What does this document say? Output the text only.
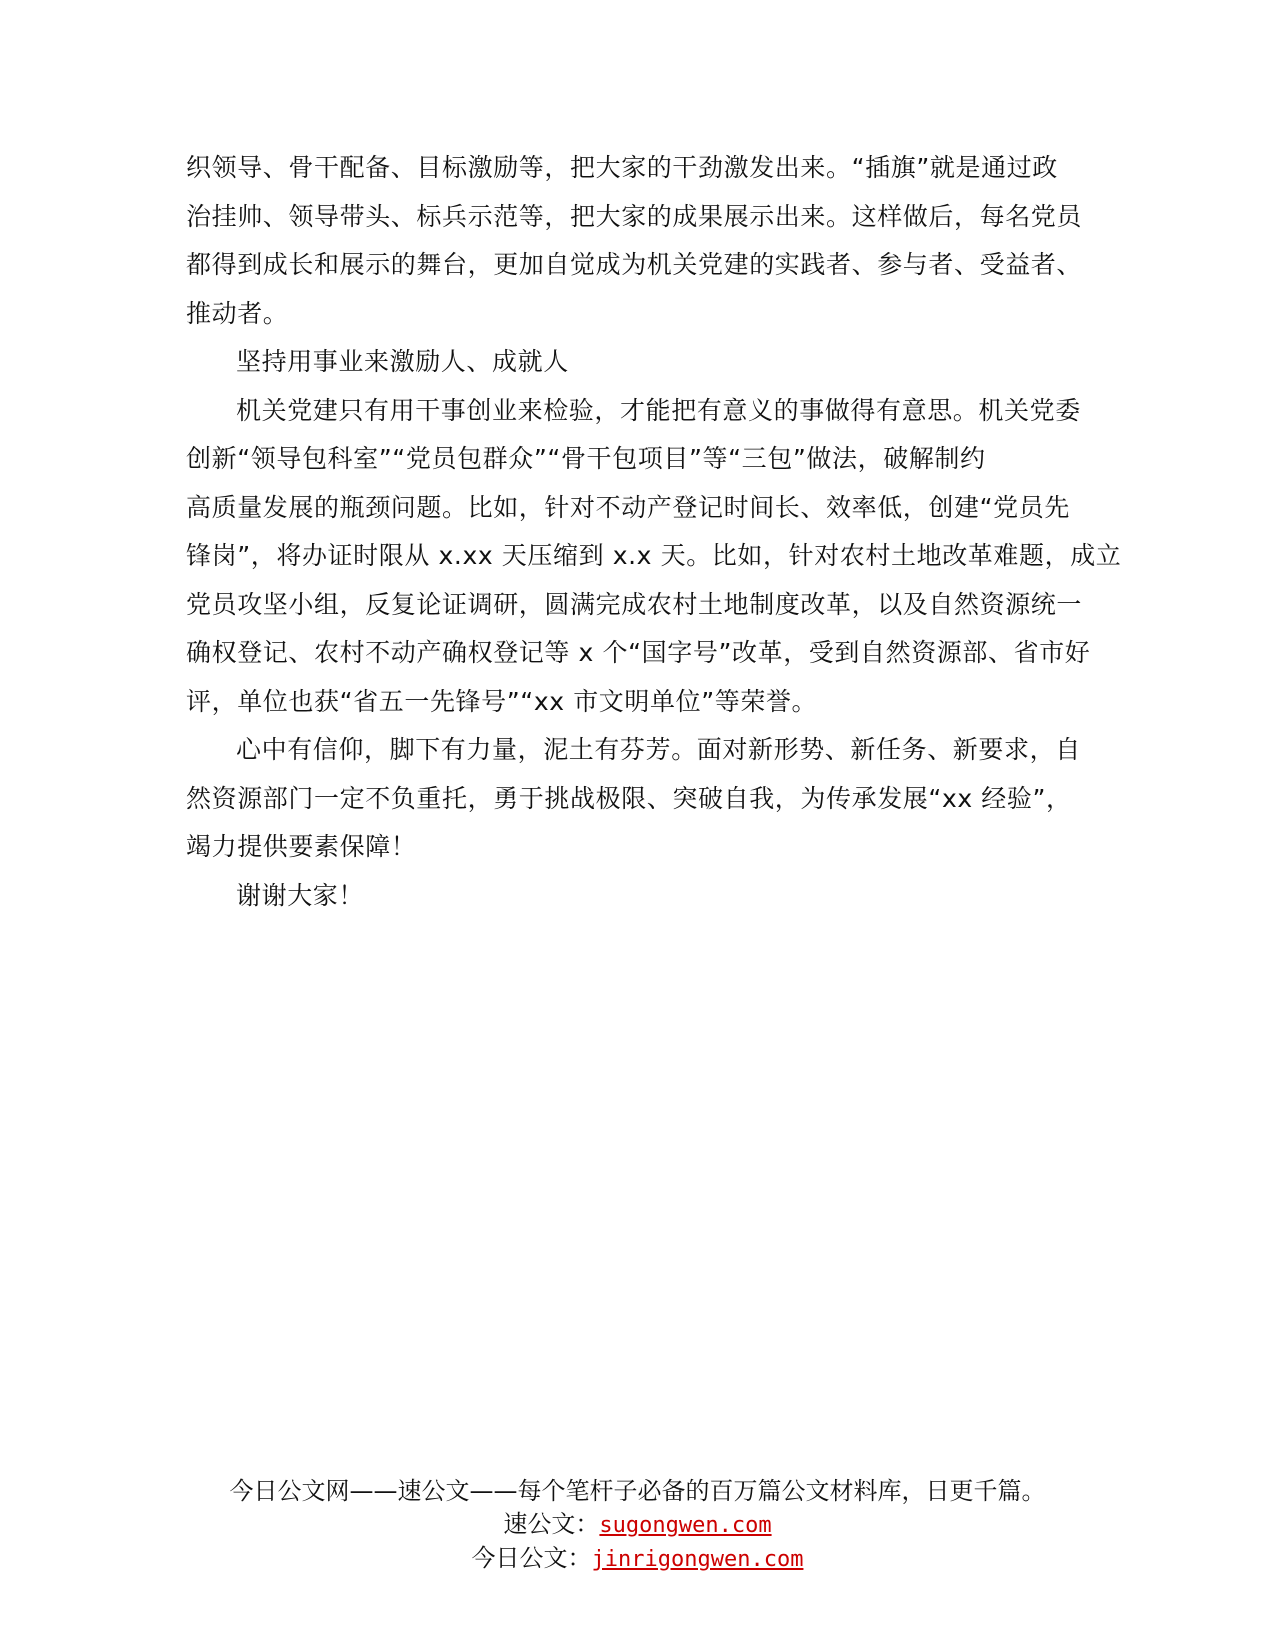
织领导、骨干配备、目标激励等，把大家的干劲激发出来。“插旗”就是通过政
治挂帅、领导带头、标兵示范等，把大家的成果展示出来。这样做后，每名党员
都得到成长和展示的舞台，更加自觉成为机关党建的实践者、参与者、受益者、
推动者。
坚持用事业来激励人、成就人
机关党建只有用干事创业来检验，才能把有意义的事做得有意思。机关党委
创新“领导包科室”“党员包群众”“骨干包项目”等“三包”做法，破解制约
高质量发展的瓶颈问题。比如，针对不动产登记时间长、效率低，创建“党员先
锋岗”，将办证时限从 x.xx 天压缩到 x.x 天。比如，针对农村土地改革难题，成立
党员攻坚小组，反复论证调研，圆满完成农村土地制度改革，以及自然资源统一
确权登记、农村不动产确权登记等 x 个“国字号”改革，受到自然资源部、省市好
评，单位也获“省五一先锋号”“xx 市文明单位”等荣誉。
心中有信仰，脚下有力量，泥土有芬芳。面对新形势、新任务、新要求，自
然资源部门一定不负重托，勇于挑战极限、突破自我，为传承发展“xx 经验”，
竭力提供要素保障！
谢谢大家！
今日公文网——速公文——每个笔杆子必备的百万篇公文材料库，日更千篇。
速公文：sugongwen.com
今日公文：jinrigongwen.com
